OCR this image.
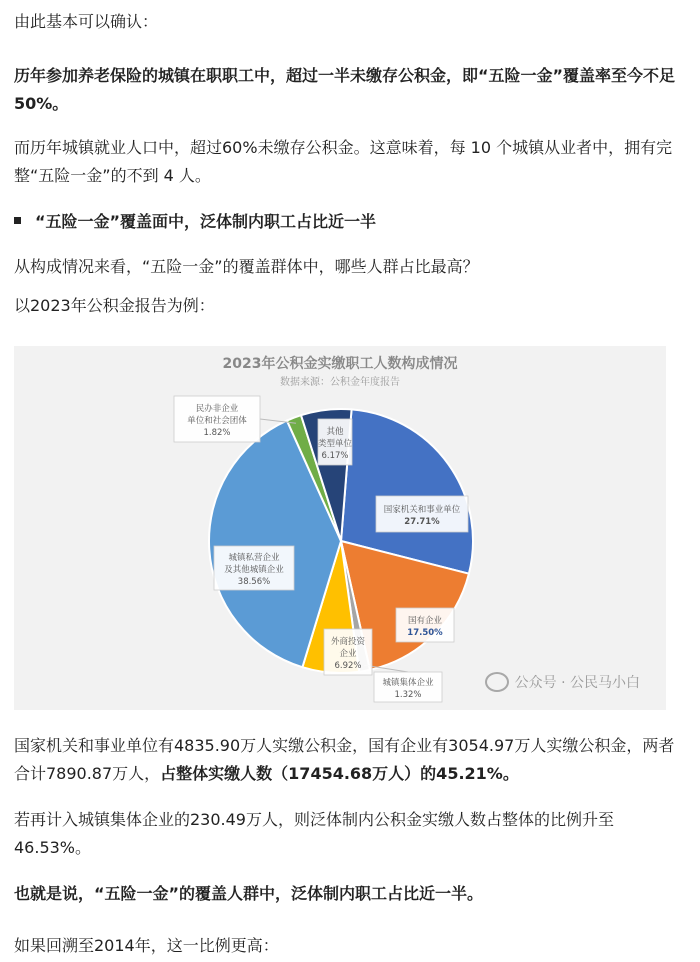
由此基本可以确认：

历年参加养老保险的城镇在职职工中，超过一半未缴存公积金，即“五险一金”覆盖率至今不足50%。

而历年城镇就业人口中，超过60%未缴存公积金。这意味着，每 10 个城镇从业者中，拥有完整“五险一金”的不到 4 人。

“五险一金”覆盖面中，泛体制内职工占比近一半

从构成情况来看，“五险一金”的覆盖群体中，哪些人群占比最高？

以2023年公积金报告为例：

2023年公积金实缴职工人数构成情况
数据来源：公积金年度报告
国家机关和事业单位
27.71%
国有企业
17.50%
城镇集体企业
1.32%
外商投资
企业
6.92%
城镇私营企业
及其他城镇企业
38.56%
民办非企业
单位和社会团体
1.82%	其他
类型单位
6.17%
公众号 · 公民马小白

国家机关和事业单位有4835.90万人实缴公积金，国有企业有3054.97万人实缴公积金，两者合计7890.87万人，占整体实缴人数（17454.68万人）的45.21%。

若再计入城镇集体企业的230.49万人，则泛体制内公积金实缴人数占整体的比例升至46.53%。

也就是说，“五险一金”的覆盖人群中，泛体制内职工占比近一半。

如果回溯至2014年，这一比例更高：
